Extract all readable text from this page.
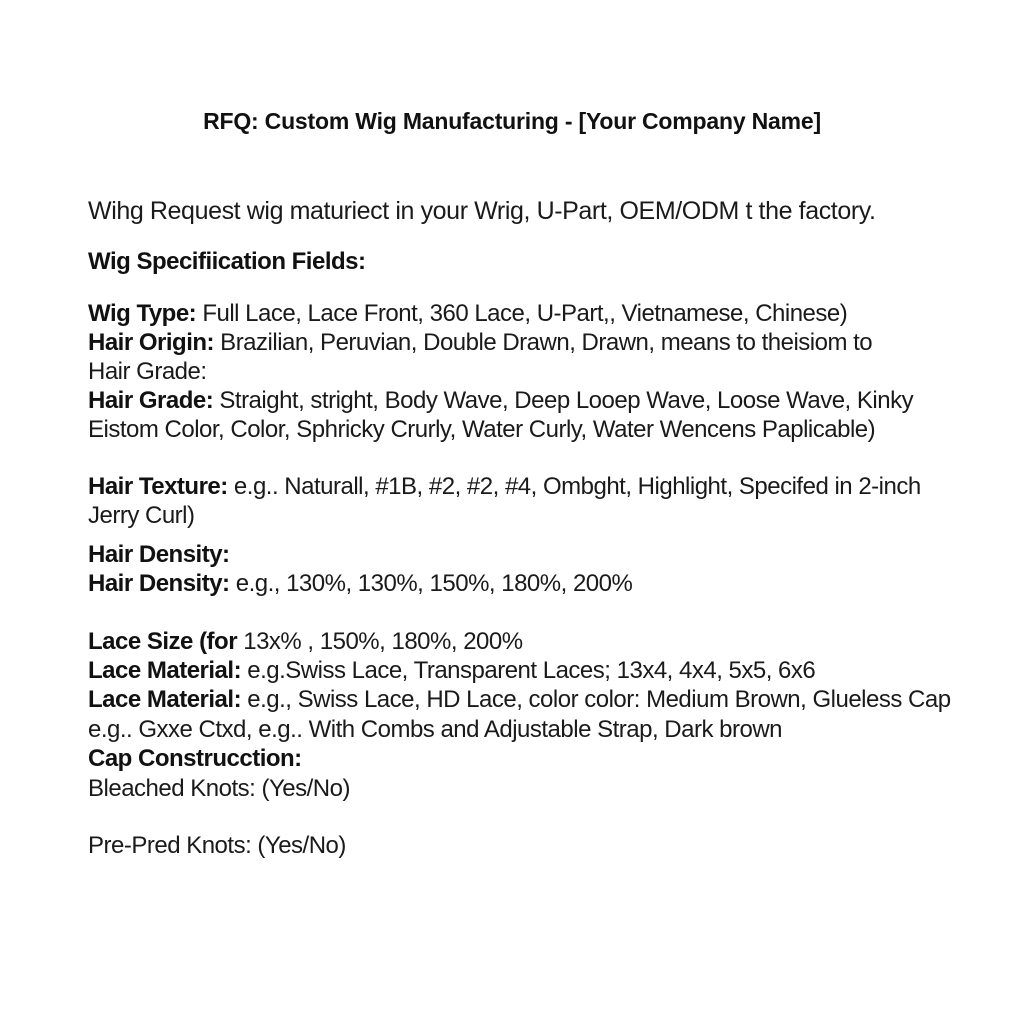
RFQ: Custom Wig Manufacturing - [Your Company Name]
Wihg Request wig maturiect in your Wrig, U-Part, OEM/ODM t the factory.
Wig Specifiication Fields:
Wig Type: Full Lace, Lace Front, 360 Lace, U-Part,, Vietnamese, Chinese)
Hair Origin: Brazilian, Peruvian, Double Drawn, Drawn, means to theisiom to
Hair Grade:
Hair Grade: Straight, stright, Body Wave, Deep Looep Wave, Loose Wave, Kinky
Eistom Color, Color, Sphricky Crurly, Water Curly, Water Wencens Paplicable)
Hair Texture: e.g.. Naturall, #1B, #2, #2, #4, Ombght, Highlight, Specifed in 2-inch
Jerry Curl)
Hair Density:
Hair Density: e.g., 130%, 130%, 150%, 180%, 200%
Lace Size (for 13x% , 150%, 180%, 200%
Lace Material: e.g.Swiss Lace, Transparent Laces; 13x4, 4x4, 5x5, 6x6
Lace Material: e.g., Swiss Lace, HD Lace, color color: Medium Brown, Glueless Cap
e.g.. Gxxe Ctxd, e.g.. With Combs and Adjustable Strap, Dark brown
Cap Construcction:
Bleached Knots: (Yes/No)
Pre-Pred Knots: (Yes/No)
